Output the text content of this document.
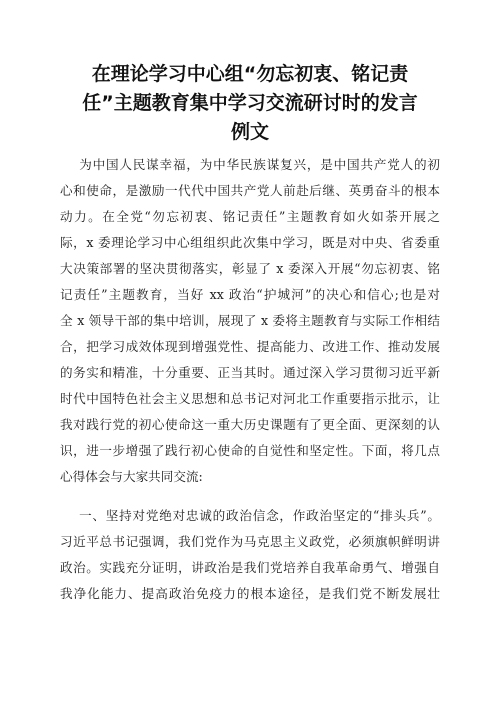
在理论学习中心组“勿忘初衷、铭记责
任”主题教育集中学习交流研讨时的发言
例文
为中国人民谋幸福，为中华民族谋复兴，是中国共产党人的初
心和使命，是激励一代代中国共产党人前赴后继、英勇奋斗的根本
动力。在全党“勿忘初衷、铭记责任”主题教育如火如荼开展之
际，x 委理论学习中心组组织此次集中学习，既是对中央、省委重
大决策部署的坚决贯彻落实，彰显了 x 委深入开展“勿忘初衷、铭
记责任”主题教育，当好 xx 政治“护城河”的决心和信心;也是对
全 x 领导干部的集中培训，展现了 x 委将主题教育与实际工作相结
合，把学习成效体现到增强党性、提高能力、改进工作、推动发展
的务实和精准，十分重要、正当其时。通过深入学习贯彻习近平新
时代中国特色社会主义思想和总书记对河北工作重要指示批示，让
我对践行党的初心使命这一重大历史课题有了更全面、更深刻的认
识，进一步增强了践行初心使命的自觉性和坚定性。下面，将几点
心得体会与大家共同交流:
一、坚持对党绝对忠诚的政治信念，作政治坚定的“排头兵”。
习近平总书记强调，我们党作为马克思主义政党，必须旗帜鲜明讲
政治。实践充分证明，讲政治是我们党培养自我革命勇气、增强自
我净化能力、提高政治免疫力的根本途径，是我们党不断发展壮
